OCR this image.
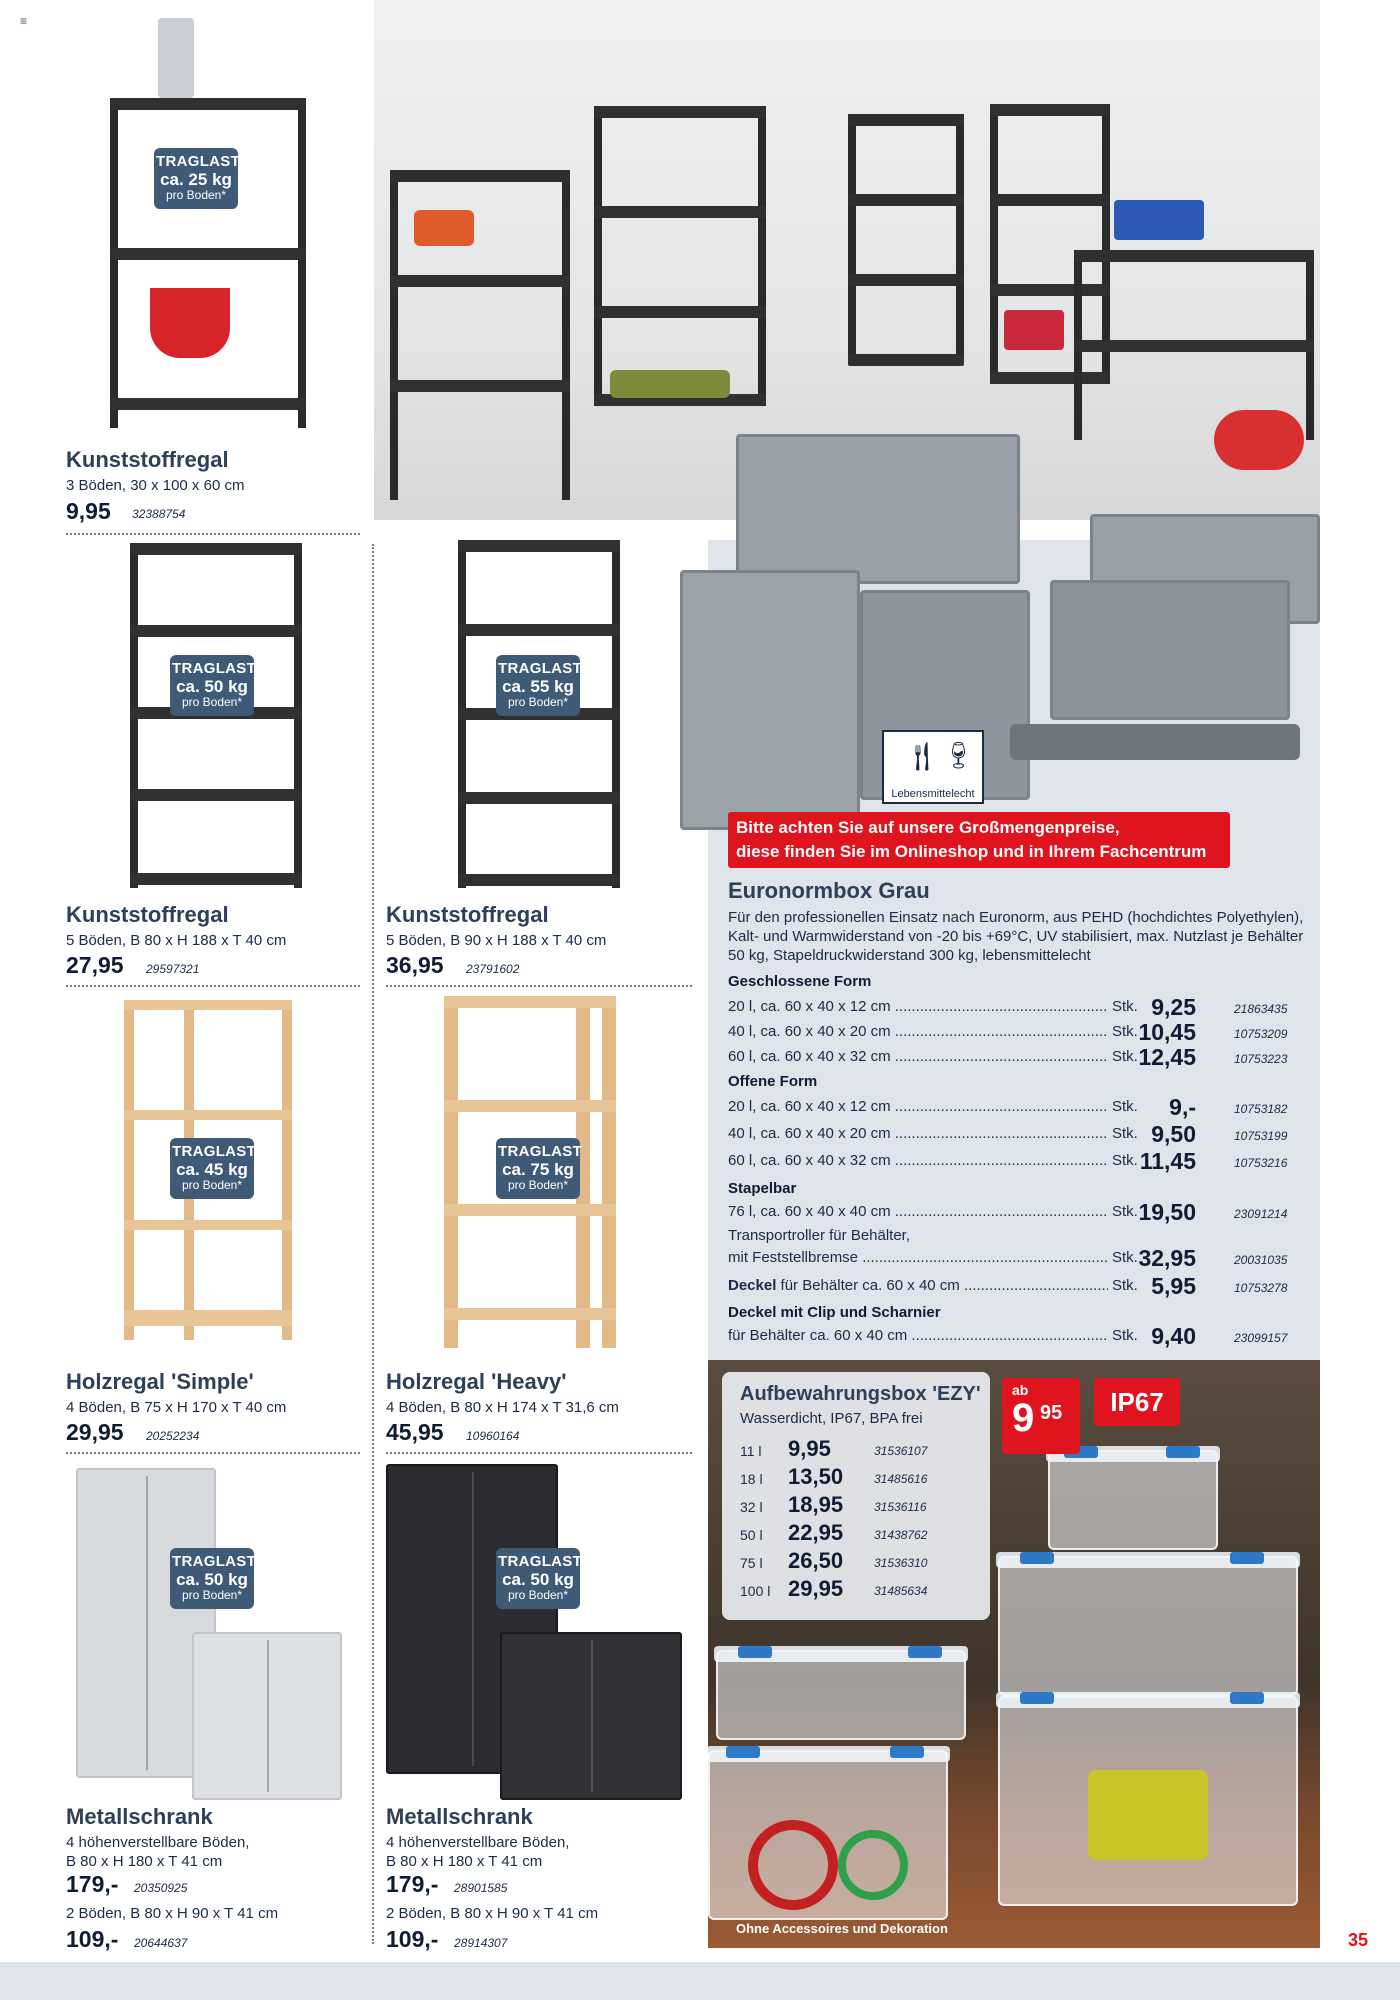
≡
TRAGLAST
ca. 25 kg
pro Boden*
Kunststoffregal
3 Böden, 30 x 100 x 60 cm
9,95 32388754
🍴︎ 🍷︎
Lebensmittelecht
Bitte achten Sie auf unsere Großmengenpreise,
diese finden Sie im Onlineshop und in Ihrem Fachcentrum
Euronormbox Grau
Für den professionellen Einsatz nach Euronorm, aus PEHD (hochdichtes Polyethylen), Kalt- und Warmwiderstand von -20 bis +69°C, UV stabilisiert, max. Nutzlast je Behälter 50 kg, Stapeldruckwiderstand 300 kg, lebensmittelecht
Geschlossene Form
20 l, ca. 60 x 40 x 12 cm .....	Stk. 9,25	21863435
40 l, ca. 60 x 40 x 20 cm .....	Stk. 10,45	10753209
60 l, ca. 60 x 40 x 32 cm .....	Stk. 12,45	10753223
Offene Form
20 l, ca. 60 x 40 x 12 cm .....	Stk. 9,-	10753182
40 l, ca. 60 x 40 x 20 cm .....	Stk. 9,50	10753199
60 l, ca. 60 x 40 x 32 cm .....	Stk. 11,45	10753216
Stapelbar
76 l, ca. 60 x 40 x 40 cm .....	Stk. 19,50	23091214
Transportroller für Behälter,
mit Feststellbremse .....	Stk. 32,95	20031035
Deckel für Behälter ca. 60 x 40 cm .....	Stk. 5,95	10753278
Deckel mit Clip und Scharnier
für Behälter ca. 60 x 40 cm .....	Stk. 9,40	23099157
TRAGLAST
ca. 50 kg
pro Boden*
Kunststoffregal
5 Böden, B 80 x H 188 x T 40 cm
27,95 29597321
TRAGLAST
ca. 55 kg
pro Boden*
Kunststoffregal
5 Böden, B 90 x H 188 x T 40 cm
36,95 23791602
TRAGLAST
ca. 45 kg
pro Boden*
Holzregal 'Simple'
4 Böden, B 75 x H 170 x T 40 cm
29,95 20252234
TRAGLAST
ca. 75 kg
pro Boden*
Holzregal 'Heavy'
4 Böden, B 80 x H 174 x T 31,6 cm
45,95 10960164
TRAGLAST
ca. 50 kg
pro Boden*
Metallschrank
4 höhenverstellbare Böden,
B 80 x H 180 x T 41 cm
179,- 20350925
2 Böden, B 80 x H 90 x T 41 cm
109,- 20644637
TRAGLAST
ca. 50 kg
pro Boden*
Metallschrank
4 höhenverstellbare Böden,
B 80 x H 180 x T 41 cm
179,- 28901585
2 Böden, B 80 x H 90 x T 41 cm
109,- 28914307
Aufbewahrungsbox 'EZY'
Wasserdicht, IP67, BPA frei
11 l 9,95	31536107
18 l 13,50	31485616
32 l 18,95	31536116
50 l 22,95	31438762
75 l 26,50	31536310
100 l 29,95	31485634
ab
9 95	IP67
Ohne Accessoires und Dekoration
35
